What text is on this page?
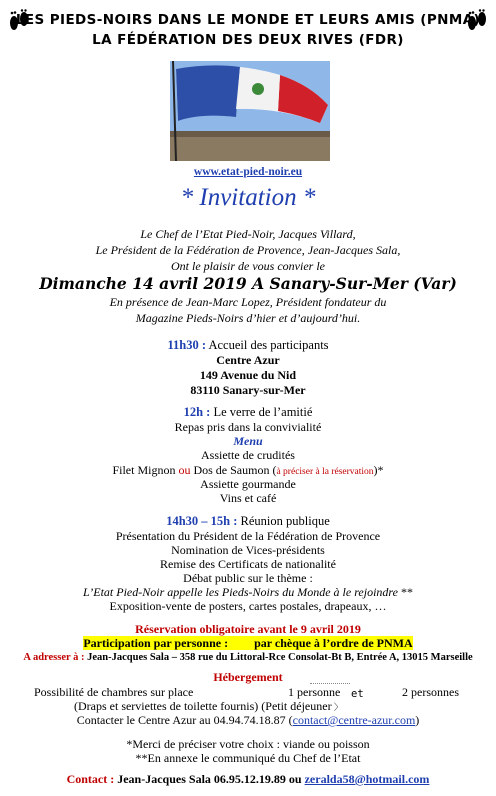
LES PIEDS-NOIRS DANS LE MONDE ET LEURS AMIS (PNMA)
LA FÉDÉRATION DES DEUX RIVES (FDR)
www.etat-pied-noir.eu
* Invitation *
Le Chef de l’Etat Pied-Noir, Jacques Villard,
Le Président de la Fédération de Provence, Jean-Jacques Sala,
Ont le plaisir de vous convier le
Dimanche 14 avril 2019 A Sanary-Sur-Mer (Var)
En présence de Jean-Marc Lopez, Président fondateur du
Magazine Pieds-Noirs d’hier et d’aujourd’hui.
11h30 : Accueil des participants
Centre Azur
149 Avenue du Nid
83110 Sanary-sur-Mer
12h : Le verre de l’amitié
Repas pris dans la convivialité
Menu
Assiette de crudités
Filet Mignon ou Dos de Saumon (à préciser à la réservation)*
Assiette gourmande
Vins et café
14h30 – 15h : Réunion publique
Présentation du Président de la Fédération de Provence
Nomination de Vices-présidents
Remise des Certificats de nationalité
Débat public sur le thème :
L’Etat Pied-Noir appelle les Pieds-Noirs du Monde à le rejoindre **
Exposition-vente de posters, cartes postales, drapeaux, …
Réservation obligatoire avant le 9 avril 2019
Participation par personne : par chèque à l’ordre de PNMA
A adresser à : Jean-Jacques Sala – 358 rue du Littoral-Rce Consolat-Bt B, Entrée A, 13015 Marseille
Hébergement
Possibilité de chambres sur place	1 personne et	2 personnes
(Draps et serviettes de toilette fournis) (Petit déjeuner 〉
Contacter le Centre Azur au 04.94.74.18.87 (contact@centre-azur.com)
*Merci de préciser votre choix : viande ou poisson
**En annexe le communiqué du Chef de l’Etat
Contact : Jean-Jacques Sala 06.95.12.19.89 ou zeralda58@hotmail.com
